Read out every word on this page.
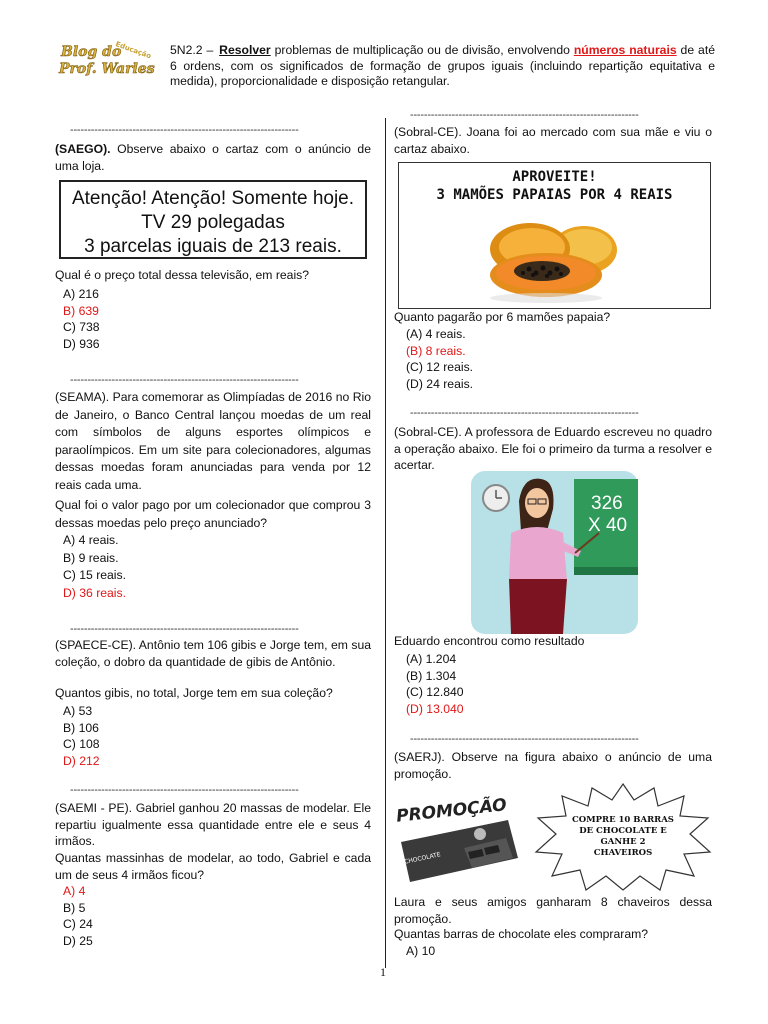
Blog do
Prof. Warles
Educação 5N2.2 – Resolver problemas de multiplicação ou de divisão, envolvendo números naturais de até 6 ordens, com os significados de formação de grupos iguais (incluindo repartição equitativa e medida), proporcionalidade e disposição retangular.
------------------------------------------------------------------
(SAEGO). Observe abaixo o cartaz com o anúncio de uma loja.
Atenção! Atenção! Somente hoje.
TV 29 polegadas
3 parcelas iguais de 213 reais.
Qual é o preço total dessa televisão, em reais?
A) 216
B) 639
C) 738
D) 936
------------------------------------------------------------------
(SEAMA). Para comemorar as Olimpíadas de 2016 no Rio de Janeiro, o Banco Central lançou moedas de um real com símbolos de alguns esportes olímpicos e paraolímpicos. Em um site para colecionadores, algumas dessas moedas foram anunciadas para venda por 12 reais cada uma.
Qual foi o valor pago por um colecionador que comprou 3 dessas moedas pelo preço anunciado?
A) 4 reais.
B) 9 reais.
C) 15 reais.
D) 36 reais.
------------------------------------------------------------------
(SPAECE-CE). Antônio tem 106 gibis e Jorge tem, em sua coleção, o dobro da quantidade de gibis de Antônio.
Quantos gibis, no total, Jorge tem em sua coleção?
A) 53
B) 106
C) 108
D) 212
------------------------------------------------------------------
(SAEMI - PE). Gabriel ganhou 20 massas de modelar. Ele repartiu igualmente essa quantidade entre ele e seus 4 irmãos.
Quantas massinhas de modelar, ao todo, Gabriel e cada um de seus 4 irmãos ficou?
A) 4
B) 5
C) 24
D) 25
------------------------------------------------------------------
(Sobral-CE). Joana foi ao mercado com sua mãe e viu o cartaz abaixo.
APROVEITE!
3 MAMÕES PAPAIAS POR 4 REAIS
Quanto pagarão por 6 mamões papaia?
(A) 4 reais.
(B) 8 reais.
(C) 12 reais.
(D) 24 reais.
------------------------------------------------------------------
(Sobral-CE). A professora de Eduardo escreveu no quadro a operação abaixo. Ele foi o primeiro da turma a resolver e acertar.
326
X 40
Eduardo encontrou como resultado
(A) 1.204
(B) 1.304
(C) 12.840
(D) 13.040
------------------------------------------------------------------
(SAERJ). Observe na figura abaixo o anúncio de uma promoção.
PROMOÇÃO
CHOCOLATE
COMPRE 10 BARRAS
DE CHOCOLATE E
GANHE 2
CHAVEIROS
Laura e seus amigos ganharam 8 chaveiros dessa promoção.
Quantas barras de chocolate eles compraram?
A) 10
1
